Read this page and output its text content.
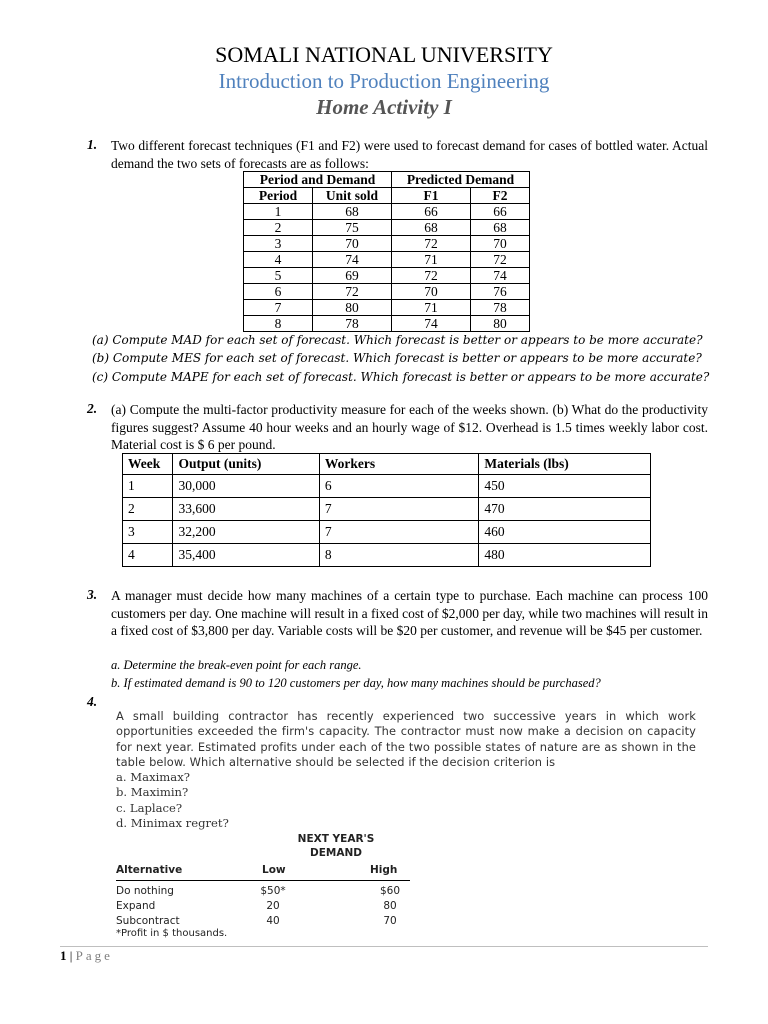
SOMALI NATIONAL UNIVERSITY
Introduction to Production Engineering
Home Activity I
1. Two different forecast techniques (F1 and F2) were used to forecast demand for cases of bottled water. Actual demand the two sets of forecasts are as follows:
Period and Demand		Predicted Demand	
Period	Unit sold	F1	F2
1	68	66	66
2	75	68	68
3	70	72	70
4	74	71	72
5	69	72	74
6	72	70	76
7	80	71	78
8	78	74	80
(a) Compute MAD for each set of forecast. Which forecast is better or appears to be more accurate?
(b) Compute MES for each set of forecast. Which forecast is better or appears to be more accurate?
(c) Compute MAPE for each set of forecast. Which forecast is better or appears to be more accurate?
2. (a) Compute the multi-factor productivity measure for each of the weeks shown. (b) What do the productivity figures suggest? Assume 40 hour weeks and an hourly wage of $12. Overhead is 1.5 times weekly labor cost. Material cost is $ 6 per pound.
Week	Output (units)	Workers	Materials (lbs)
1	30,000	6	450
2	33,600	7	470
3	32,200	7	460
4	35,400	8	480
3. A manager must decide how many machines of a certain type to purchase. Each machine can process 100 customers per day. One machine will result in a fixed cost of $2,000 per day, while two machines will result in a fixed cost of $3,800 per day. Variable costs will be $20 per customer, and revenue will be $45 per customer.
a. Determine the break-even point for each range.
b. If estimated demand is 90 to 120 customers per day, how many machines should be purchased?
4.
A small building contractor has recently experienced two successive years in which work opportunities exceeded the firm's capacity. The contractor must now make a decision on capacity for next year. Estimated profits under each of the two possible states of nature are as shown in the table below. Which alternative should be selected if the decision criterion is
a. Maximax?
b. Maximin?
c. Laplace?
d. Minimax regret?
NEXT YEAR'S
DEMAND
Alternative	Low	High
Do nothing	$50*	$60
Expand	20	80
Subcontract	40	70
*Profit in $ thousands.
1 | Page
